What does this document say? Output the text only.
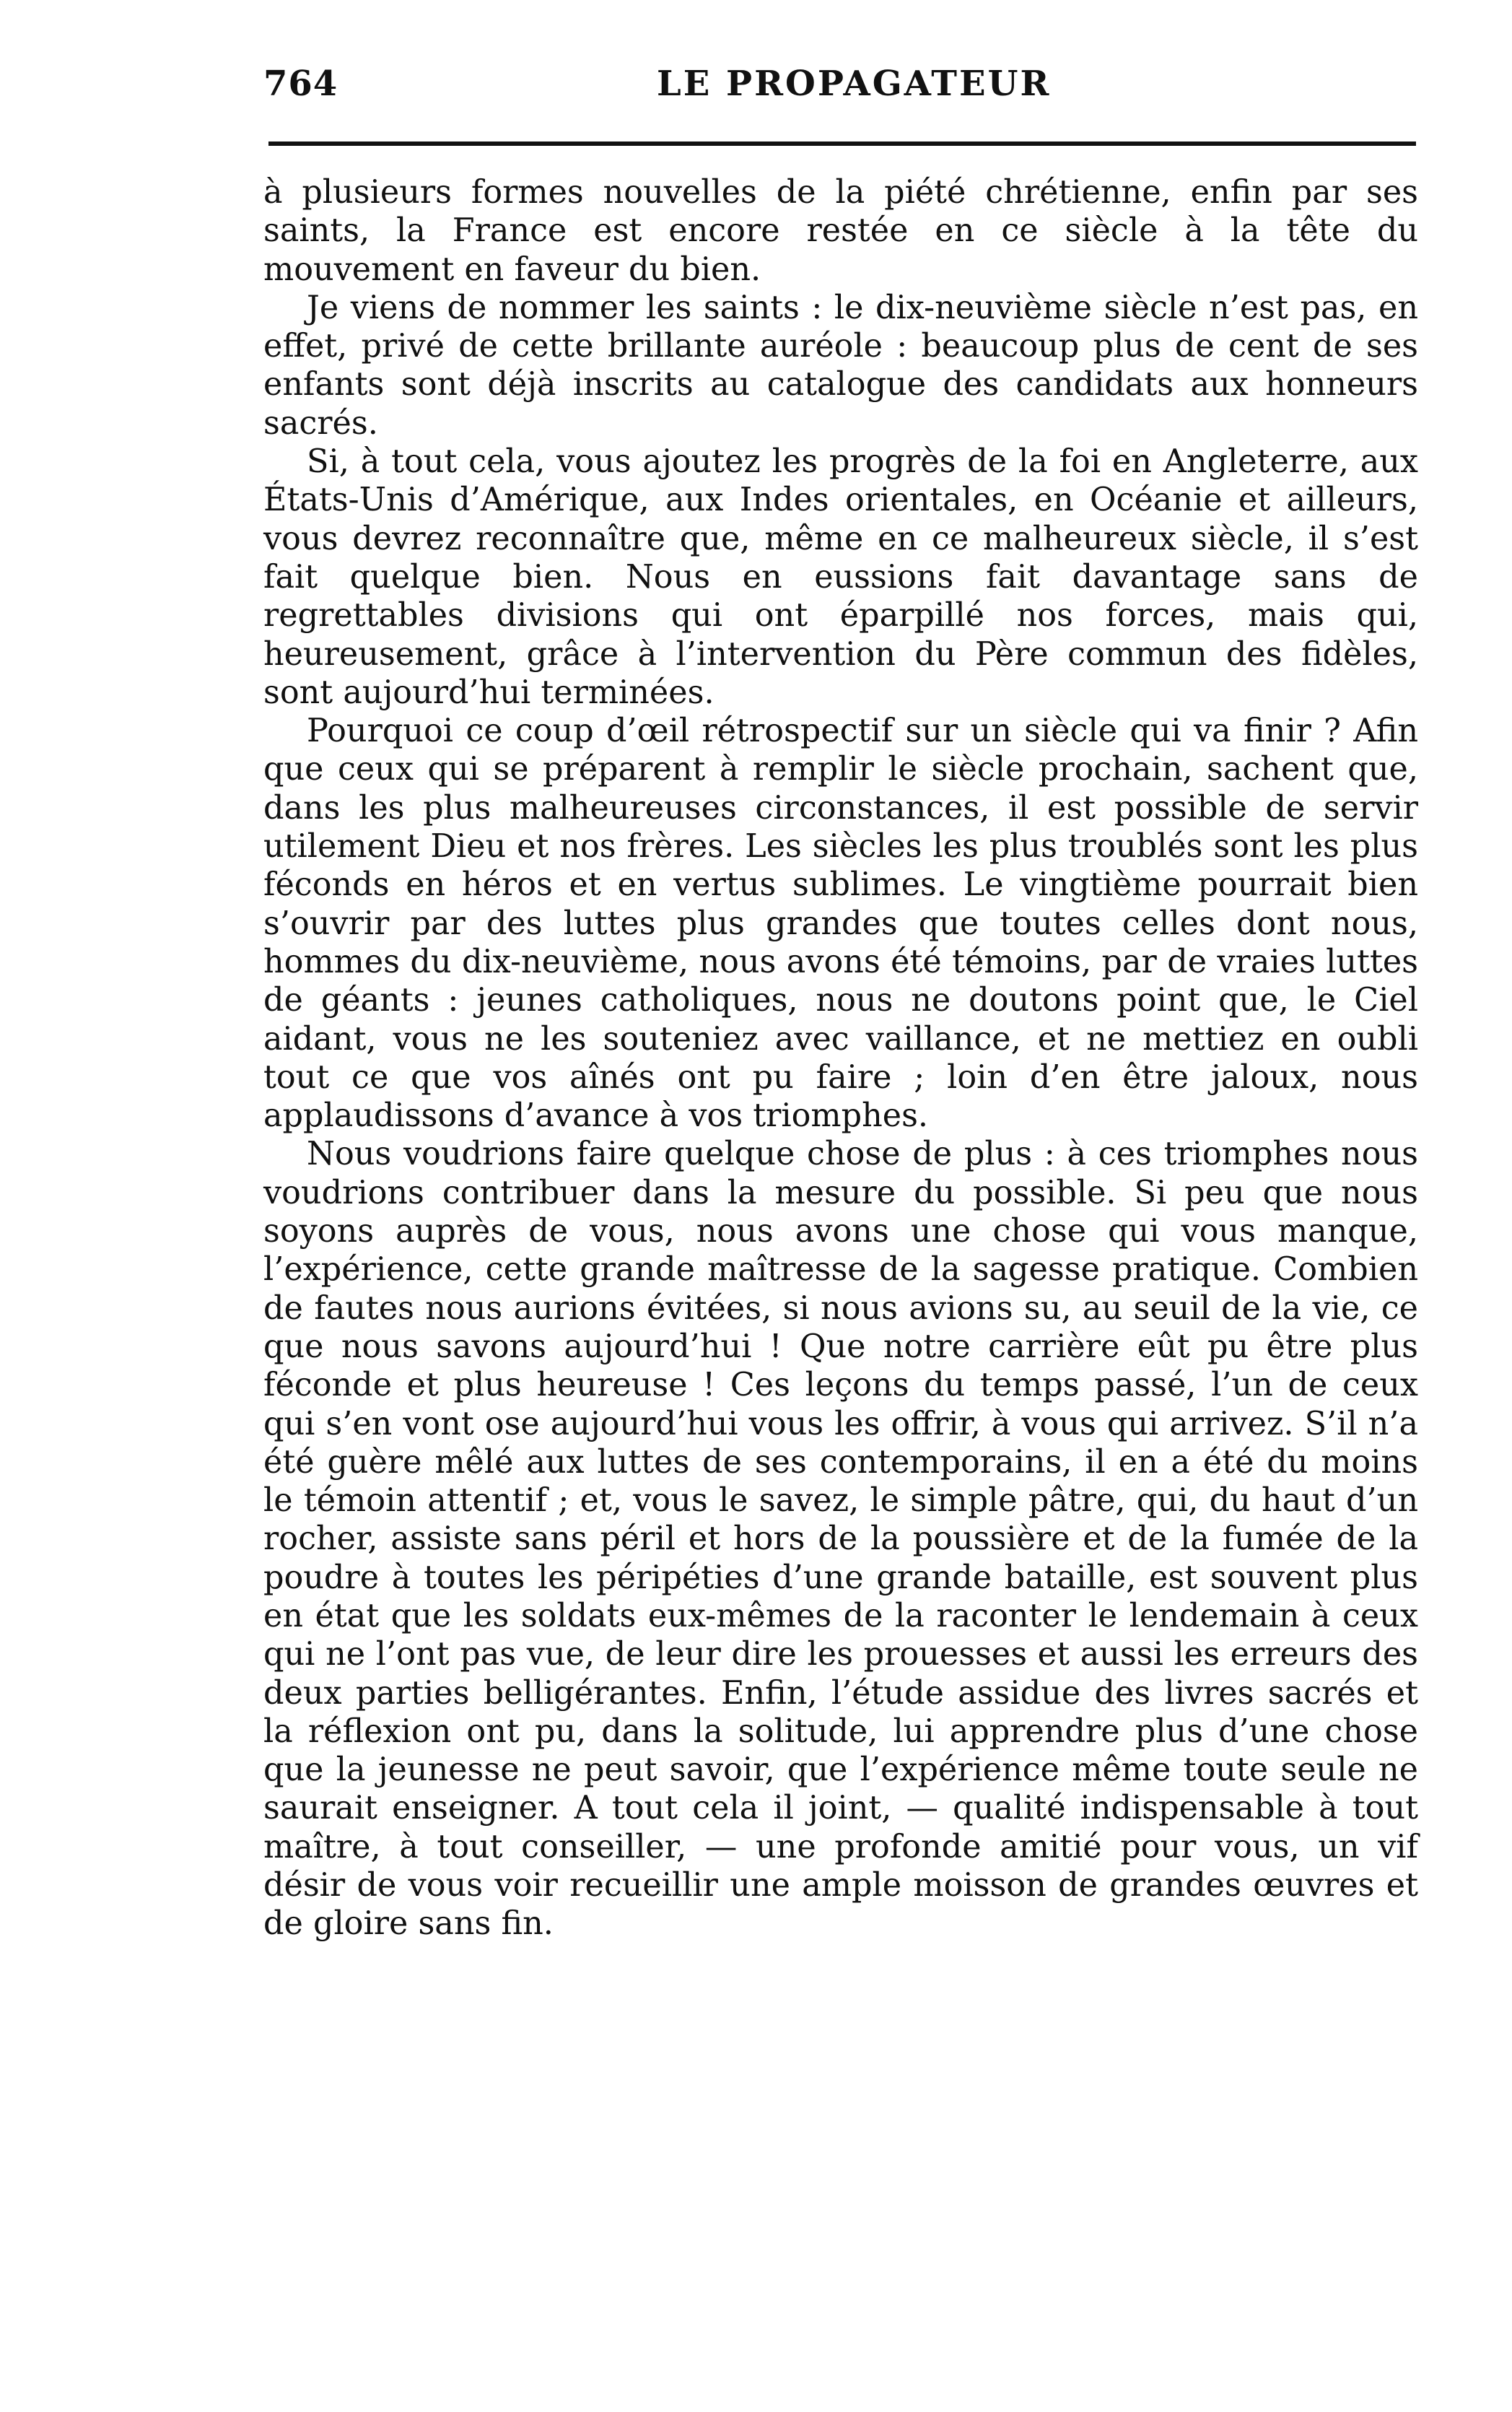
764	LE PROPAGATEUR

à plusieurs formes nouvelles de la piété chrétienne, enfin par ses saints, la France est encore restée en ce siècle à la tête du mouvement en faveur du bien.

Je viens de nommer les saints : le dix-neuvième siècle n’est pas, en effet, privé de cette brillante auréole : beaucoup plus de cent de ses enfants sont déjà inscrits au catalogue des candidats aux honneurs sacrés.

Si, à tout cela, vous ajoutez les progrès de la foi en Angleterre, aux États-Unis d’Amérique, aux Indes orientales, en Océanie et ailleurs, vous devrez reconnaître que, même en ce malheureux siècle, il s’est fait quelque bien. Nous en eussions fait davantage sans de regrettables divisions qui ont éparpillé nos forces, mais qui, heureusement, grâce à l’intervention du Père commun des fidèles, sont aujourd’hui terminées.

Pourquoi ce coup d’œil rétrospectif sur un siècle qui va finir ? Afin que ceux qui se préparent à remplir le siècle prochain, sachent que, dans les plus malheureuses circonstances, il est possible de servir utilement Dieu et nos frères. Les siècles les plus troublés sont les plus féconds en héros et en vertus sublimes. Le vingtième pourrait bien s’ouvrir par des luttes plus grandes que toutes celles dont nous, hommes du dix-neuvième, nous avons été témoins, par de vraies luttes de géants : jeunes catholiques, nous ne doutons point que, le Ciel aidant, vous ne les souteniez avec vaillance, et ne mettiez en oubli tout ce que vos aînés ont pu faire ; loin d’en être jaloux, nous applaudissons d’avance à vos triomphes.

Nous voudrions faire quelque chose de plus : à ces triomphes nous voudrions contribuer dans la mesure du possible. Si peu que nous soyons auprès de vous, nous avons une chose qui vous manque, l’expérience, cette grande maîtresse de la sagesse pratique. Combien de fautes nous aurions évitées, si nous avions su, au seuil de la vie, ce que nous savons aujourd’hui ! Que notre carrière eût pu être plus féconde et plus heureuse ! Ces leçons du temps passé, l’un de ceux qui s’en vont ose aujourd’hui vous les offrir, à vous qui arrivez. S’il n’a été guère mêlé aux luttes de ses contemporains, il en a été du moins le témoin attentif ; et, vous le savez, le simple pâtre, qui, du haut d’un rocher, assiste sans péril et hors de la poussière et de la fumée de la poudre à toutes les péripéties d’une grande bataille, est souvent plus en état que les soldats eux-mêmes de la raconter le lendemain à ceux qui ne l’ont pas vue, de leur dire les prouesses et aussi les erreurs des deux parties belligérantes. Enfin, l’étude assidue des livres sacrés et la réflexion ont pu, dans la solitude, lui apprendre plus d’une chose que la jeunesse ne peut savoir, que l’expérience même toute seule ne saurait enseigner. A tout cela il joint, — qualité indispensable à tout maître, à tout conseiller, — une profonde amitié pour vous, un vif désir de vous voir recueillir une ample moisson de grandes œuvres et de gloire sans fin.
